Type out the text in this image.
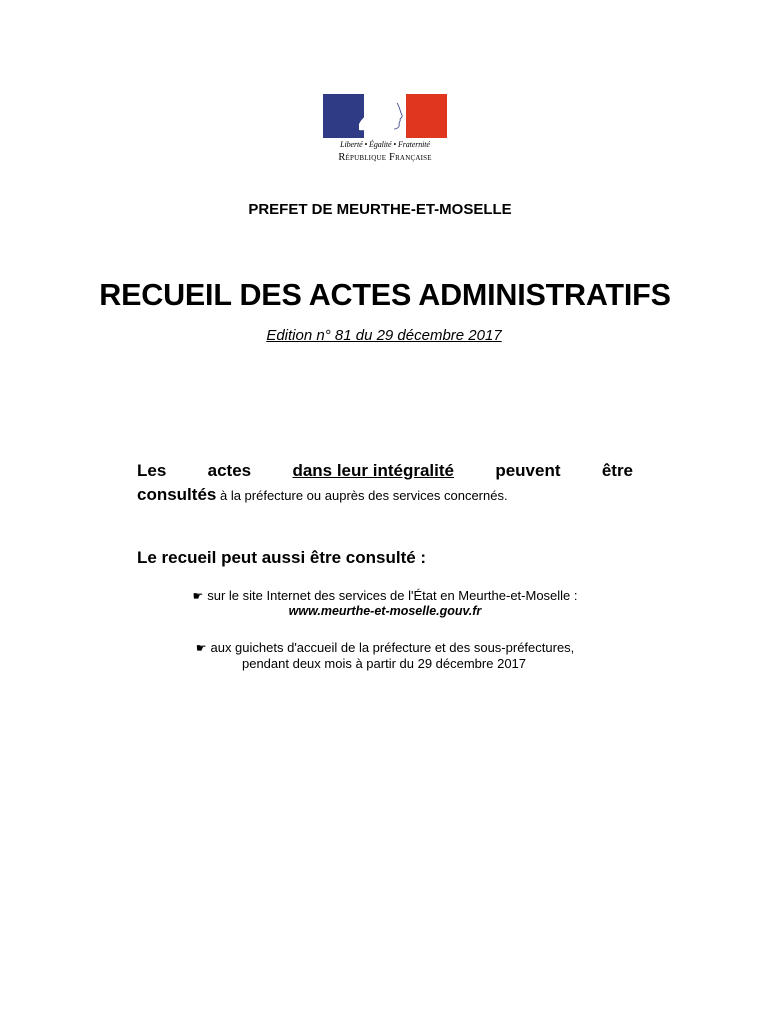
Liberté • Égalité • Fraternité
République Française
PREFET DE MEURTHE-ET-MOSELLE
RECUEIL DES ACTES ADMINISTRATIFS
Edition n° 81 du 29 décembre 2017
Les actes dans leur intégralité peuvent être
consultés à la préfecture ou auprès des services concernés.
Le recueil peut aussi être consulté :
☛ sur le site Internet des services de l'État en Meurthe-et-Moselle :
www.meurthe-et-moselle.gouv.fr
☛ aux guichets d'accueil de la préfecture et des sous-préfectures,
pendant deux mois à partir du 29 décembre 2017
